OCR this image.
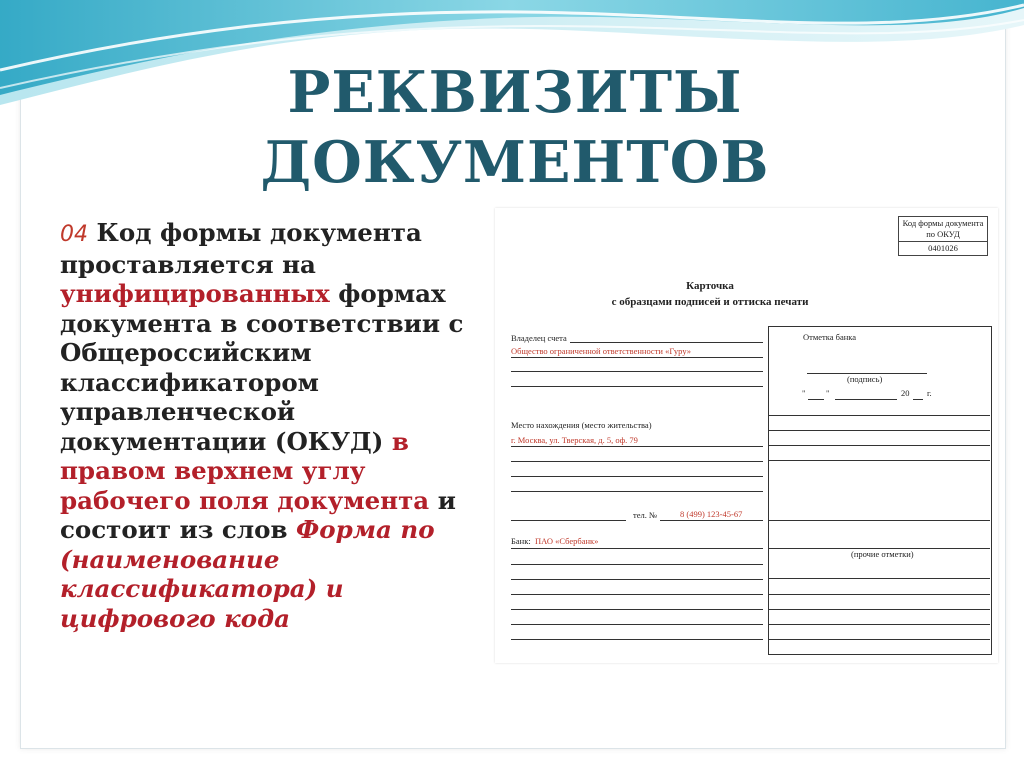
РЕКВИЗИТЫ
ДОКУМЕНТОВ
04 Код формы документа проставляется на унифицированных формах документа в соответствии с Общероссийским классификатором управленческой документации (ОКУД) в правом верхнем углу рабочего поля документа и состоит из слов Форма по (наименование классификатора) и цифрового кода
Код формы документа по ОКУД
0401026
Карточка
с образцами подписей и оттиска печати
Владелец счета
Общество ограниченной ответственности «Гуру»
Место нахождения (место жительства)
г. Москва, ул. Тверская, д. 5, оф. 79
тел. №	8 (499) 123-45-67
Банк: ПАО «Сбербанк»
Отметка банка
(подпись)
" "	20 г.
(прочие отметки)
